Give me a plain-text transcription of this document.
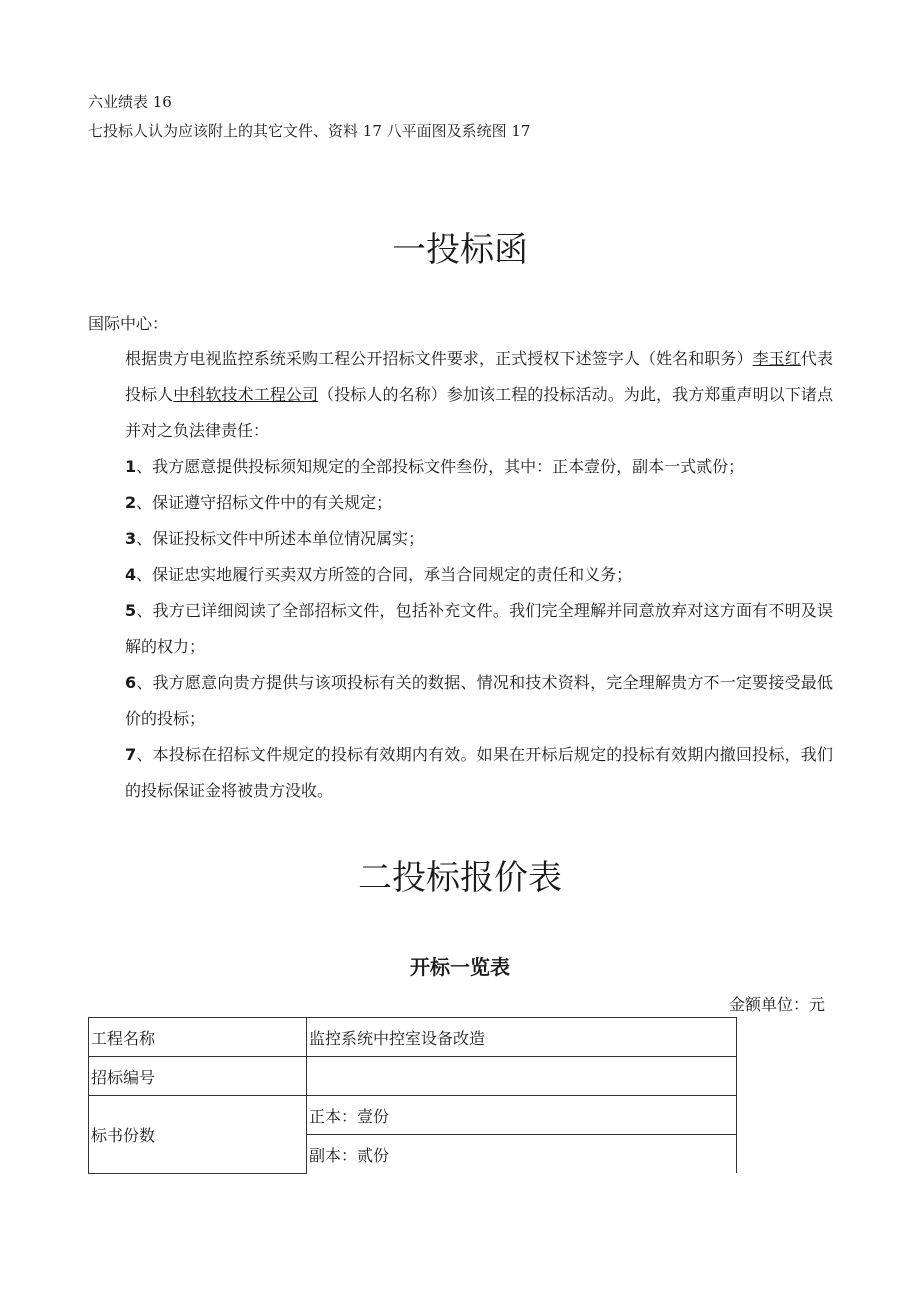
六业绩表 16
七投标人认为应该附上的其它文件、资料 17 八平面图及系统图 17
一投标函
国际中心：
根据贵方电视监控系统采购工程公开招标文件要求，正式授权下述签字人（姓名和职务）李玉红代表投标人中科软技术工程公司（投标人的名称）参加该工程的投标活动。为此，我方郑重声明以下诸点并对之负法律责任：
1、我方愿意提供投标须知规定的全部投标文件叁份，其中：正本壹份，副本一式贰份；
2、保证遵守招标文件中的有关规定；
3、保证投标文件中所述本单位情况属实；
4、保证忠实地履行买卖双方所签的合同，承当合同规定的责任和义务；
5、我方已详细阅读了全部招标文件，包括补充文件。我们完全理解并同意放弃对这方面有不明及误解的权力；
6、我方愿意向贵方提供与该项投标有关的数据、情况和技术资料，完全理解贵方不一定要接受最低价的投标；
7、本投标在招标文件规定的投标有效期内有效。如果在开标后规定的投标有效期内撤回投标，我们的投标保证金将被贵方没收。
二投标报价表
开标一览表
金额单位：元
工程名称	监控系统中控室设备改造
招标编号	
标书份数	正本：壹份
	副本：贰份
